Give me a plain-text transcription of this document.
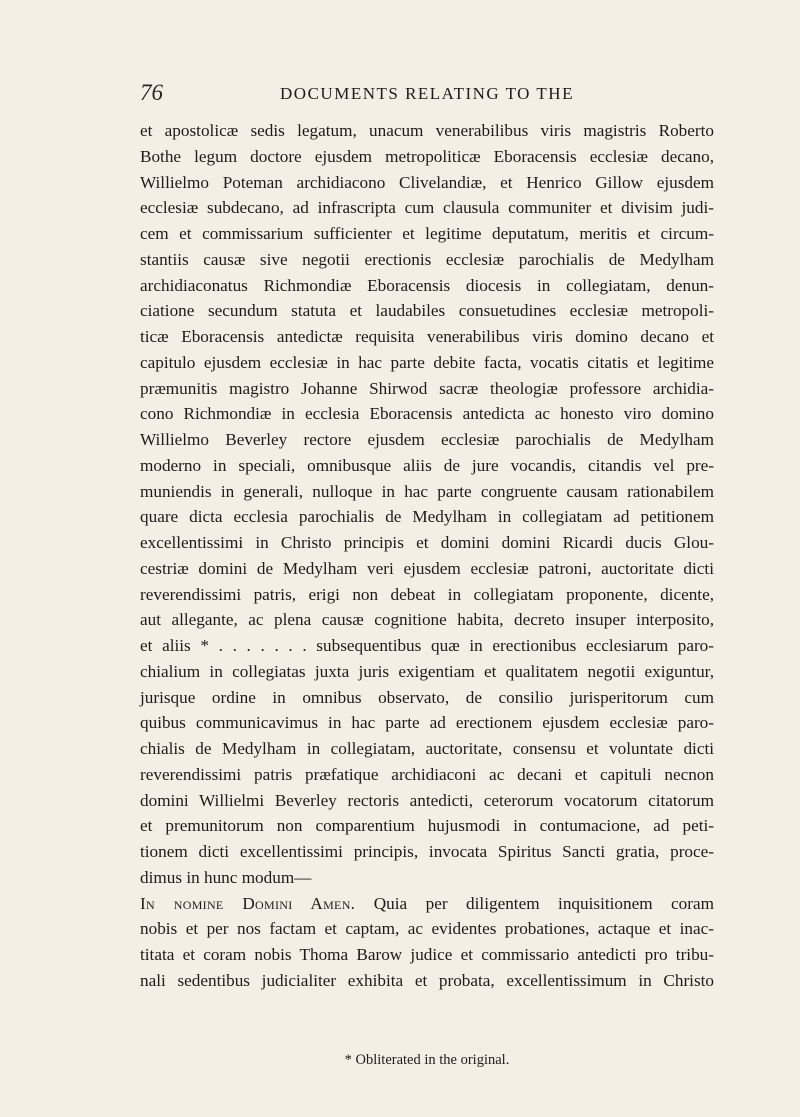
76	DOCUMENTS RELATING TO THE
et apostolicæ sedis legatum, unacum venerabilibus viris magistris Roberto
Bothe legum doctore ejusdem metropoliticæ Eboracensis ecclesiæ decano,
Willielmo Poteman archidiacono Clivelandiæ, et Henrico Gillow ejusdem
ecclesiæ subdecano, ad infrascripta cum clausula communiter et divisim judi-
cem et commissarium sufficienter et legitime deputatum, meritis et circum-
stantiis causæ sive negotii erectionis ecclesiæ parochialis de Medylham
archidiaconatus Richmondiæ Eboracensis diocesis in collegiatam, denun-
ciatione secundum statuta et laudabiles consuetudines ecclesiæ metropoli-
ticæ Eboracensis antedictæ requisita venerabilibus viris domino decano et
capitulo ejusdem ecclesiæ in hac parte debite facta, vocatis citatis et legitime
præmunitis magistro Johanne Shirwod sacræ theologiæ professore archidia-
cono Richmondiæ in ecclesia Eboracensis antedicta ac honesto viro domino
Willielmo Beverley rectore ejusdem ecclesiæ parochialis de Medylham
moderno in speciali, omnibusque aliis de jure vocandis, citandis vel pre-
muniendis in generali, nulloque in hac parte congruente causam rationabilem
quare dicta ecclesia parochialis de Medylham in collegiatam ad petitionem
excellentissimi in Christo principis et domini domini Ricardi ducis Glou-
cestriæ domini de Medylham veri ejusdem ecclesiæ patroni, auctoritate dicti
reverendissimi patris, erigi non debeat in collegiatam proponente, dicente,
aut allegante, ac plena causæ cognitione habita, decreto insuper interposito,
et aliis * . . . . . . . subsequentibus quæ in erectionibus ecclesiarum paro-
chialium in collegiatas juxta juris exigentiam et qualitatem negotii exiguntur,
jurisque ordine in omnibus observato, de consilio jurisperitorum cum
quibus communicavimus in hac parte ad erectionem ejusdem ecclesiæ paro-
chialis de Medylham in collegiatam, auctoritate, consensu et voluntate dicti
reverendissimi patris præfatique archidiaconi ac decani et capituli necnon
domini Willielmi Beverley rectoris antedicti, ceterorum vocatorum citatorum
et premunitorum non comparentium hujusmodi in contumacione, ad peti-
tionem dicti excellentissimi principis, invocata Spiritus Sancti gratia, proce-
dimus in hunc modum—
In nomine Domini Amen. Quia per diligentem inquisitionem coram
nobis et per nos factam et captam, ac evidentes probationes, actaque et inac-
titata et coram nobis Thoma Barow judice et commissario antedicti pro tribu-
nali sedentibus judicialiter exhibita et probata, excellentissimum in Christo
* Obliterated in the original.
